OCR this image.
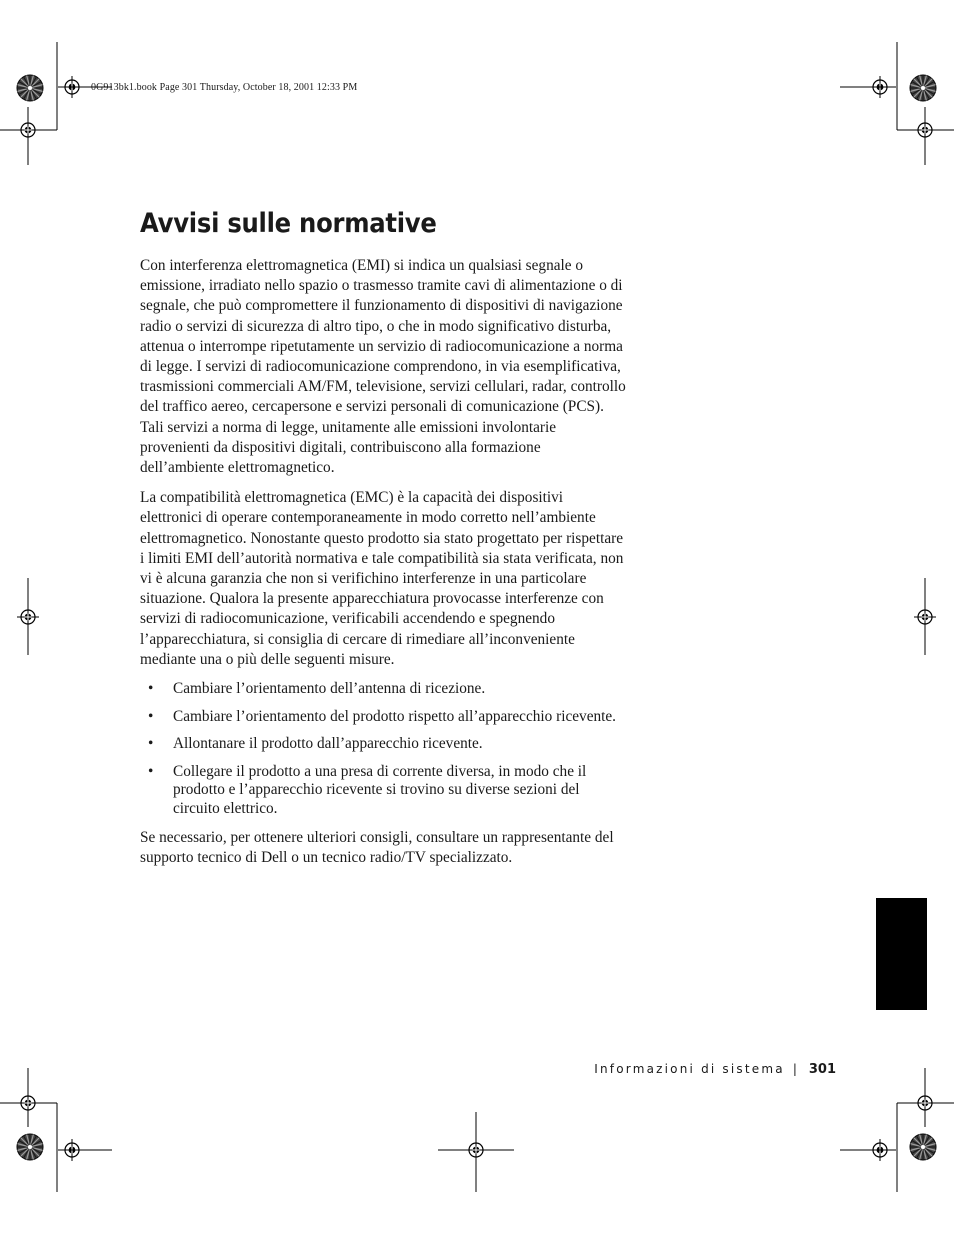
0G913bk1.book Page 301 Thursday, October 18, 2001 12:33 PM
Avvisi sulle normative

Con interferenza elettromagnetica (EMI) si indica un qualsiasi segnale o emissione, irradiato nello spazio o trasmesso tramite cavi di alimentazione o di segnale, che può compromettere il funzionamento di dispositivi di navigazione radio o servizi di sicurezza di altro tipo, o che in modo significativo disturba, attenua o interrompe ripetutamente un servizio di radiocomunicazione a norma di legge. I servizi di radiocomunicazione comprendono, in via esemplificativa, trasmissioni commerciali AM/FM, televisione, servizi cellulari, radar, controllo del traffico aereo, cercapersone e servizi personali di comunicazione (PCS). Tali servizi a norma di legge, unitamente alle emissioni involontarie provenienti da dispositivi digitali, contribuiscono alla formazione dell’ambiente elettromagnetico.

La compatibilità elettromagnetica (EMC) è la capacità dei dispositivi elettronici di operare contemporaneamente in modo corretto nell’ambiente elettromagnetico. Nonostante questo prodotto sia stato progettato per rispettare i limiti EMI dell’autorità normativa e tale compatibilità sia stata verificata, non vi è alcuna garanzia che non si verifichino interferenze in una particolare situazione. Qualora la presente apparecchiatura provocasse interferenze con servizi di radiocomunicazione, verificabili accendendo e spegnendo l’apparecchiatura, si consiglia di cercare di rimediare all’inconveniente mediante una o più delle seguenti misure.

• Cambiare l’orientamento dell’antenna di ricezione.
• Cambiare l’orientamento del prodotto rispetto all’apparecchio ricevente.
• Allontanare il prodotto dall’apparecchio ricevente.
• Collegare il prodotto a una presa di corrente diversa, in modo che il prodotto e l’apparecchio ricevente si trovino su diverse sezioni del circuito elettrico.

Se necessario, per ottenere ulteriori consigli, consultare un rappresentante del supporto tecnico di Dell o un tecnico radio/TV specializzato.

Informazioni di sistema | 301
